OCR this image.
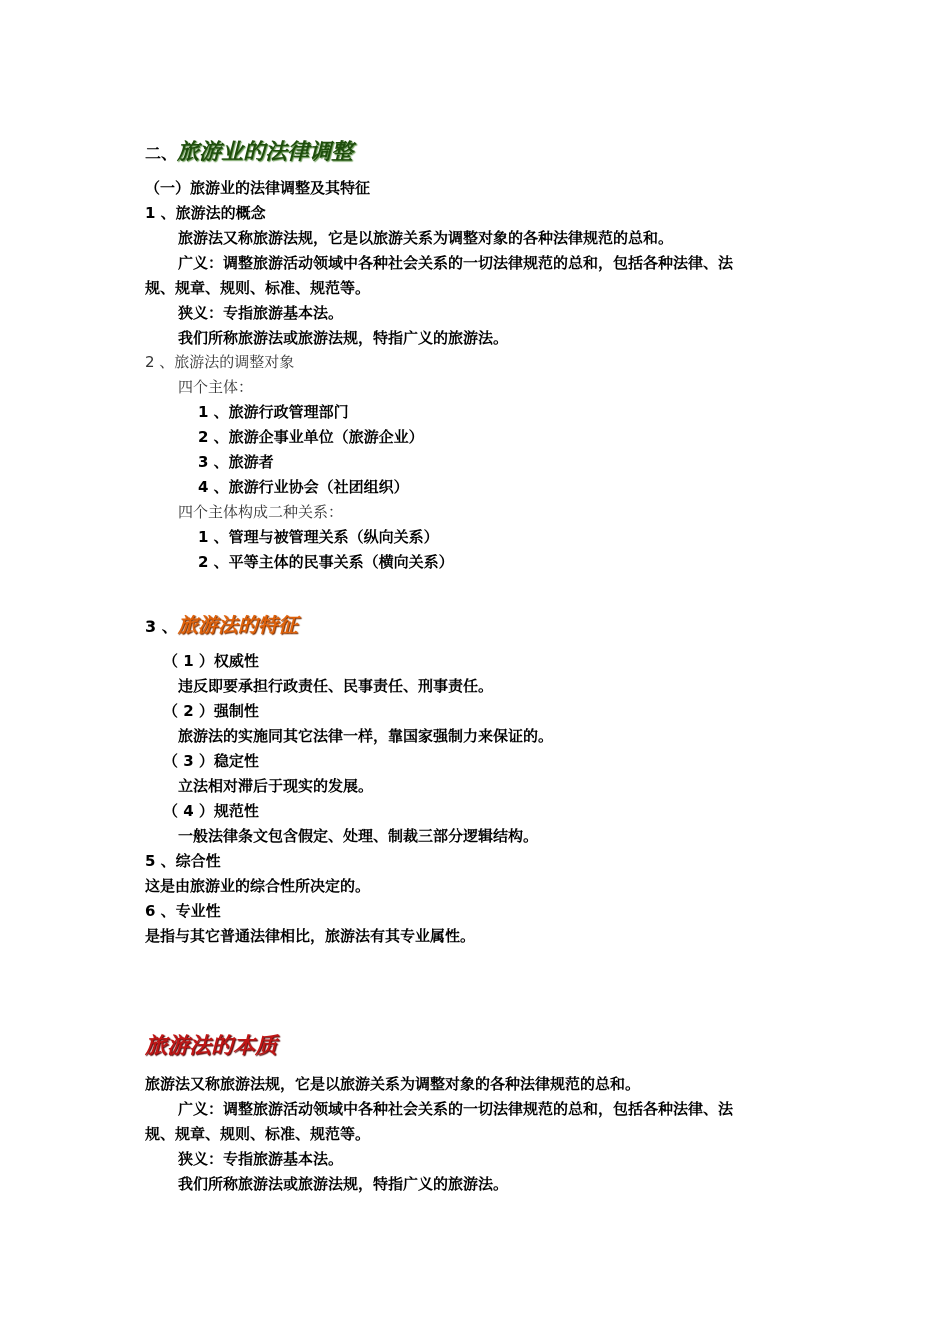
二、旅游业的法律调整
（一）旅游业的法律调整及其特征
1 、旅游法的概念
旅游法又称旅游法规，它是以旅游关系为调整对象的各种法律规范的总和。
广义：调整旅游活动领域中各种社会关系的一切法律规范的总和，包括各种法律、法
规、规章、规则、标准、规范等。
狭义：专指旅游基本法。
我们所称旅游法或旅游法规，特指广义的旅游法。
2 、旅游法的调整对象
四个主体：
1 、旅游行政管理部门
2 、旅游企事业单位（旅游企业）
3 、旅游者
4 、旅游行业协会（社团组织）
四个主体构成二种关系：
1 、管理与被管理关系（纵向关系）
2 、平等主体的民事关系（横向关系）
3 、旅游法的特征
（ 1 ）权威性
违反即要承担行政责任、民事责任、刑事责任。
（ 2 ）强制性
旅游法的实施同其它法律一样，靠国家强制力来保证的。
（ 3 ）稳定性
立法相对滞后于现实的发展。
（ 4 ）规范性
一般法律条文包含假定、处理、制裁三部分逻辑结构。
5 、综合性
这是由旅游业的综合性所决定的。
6 、专业性
是指与其它普通法律相比，旅游法有其专业属性。
旅游法的本质
旅游法又称旅游法规，它是以旅游关系为调整对象的各种法律规范的总和。
广义：调整旅游活动领域中各种社会关系的一切法律规范的总和，包括各种法律、法
规、规章、规则、标准、规范等。
狭义：专指旅游基本法。
我们所称旅游法或旅游法规，特指广义的旅游法。
